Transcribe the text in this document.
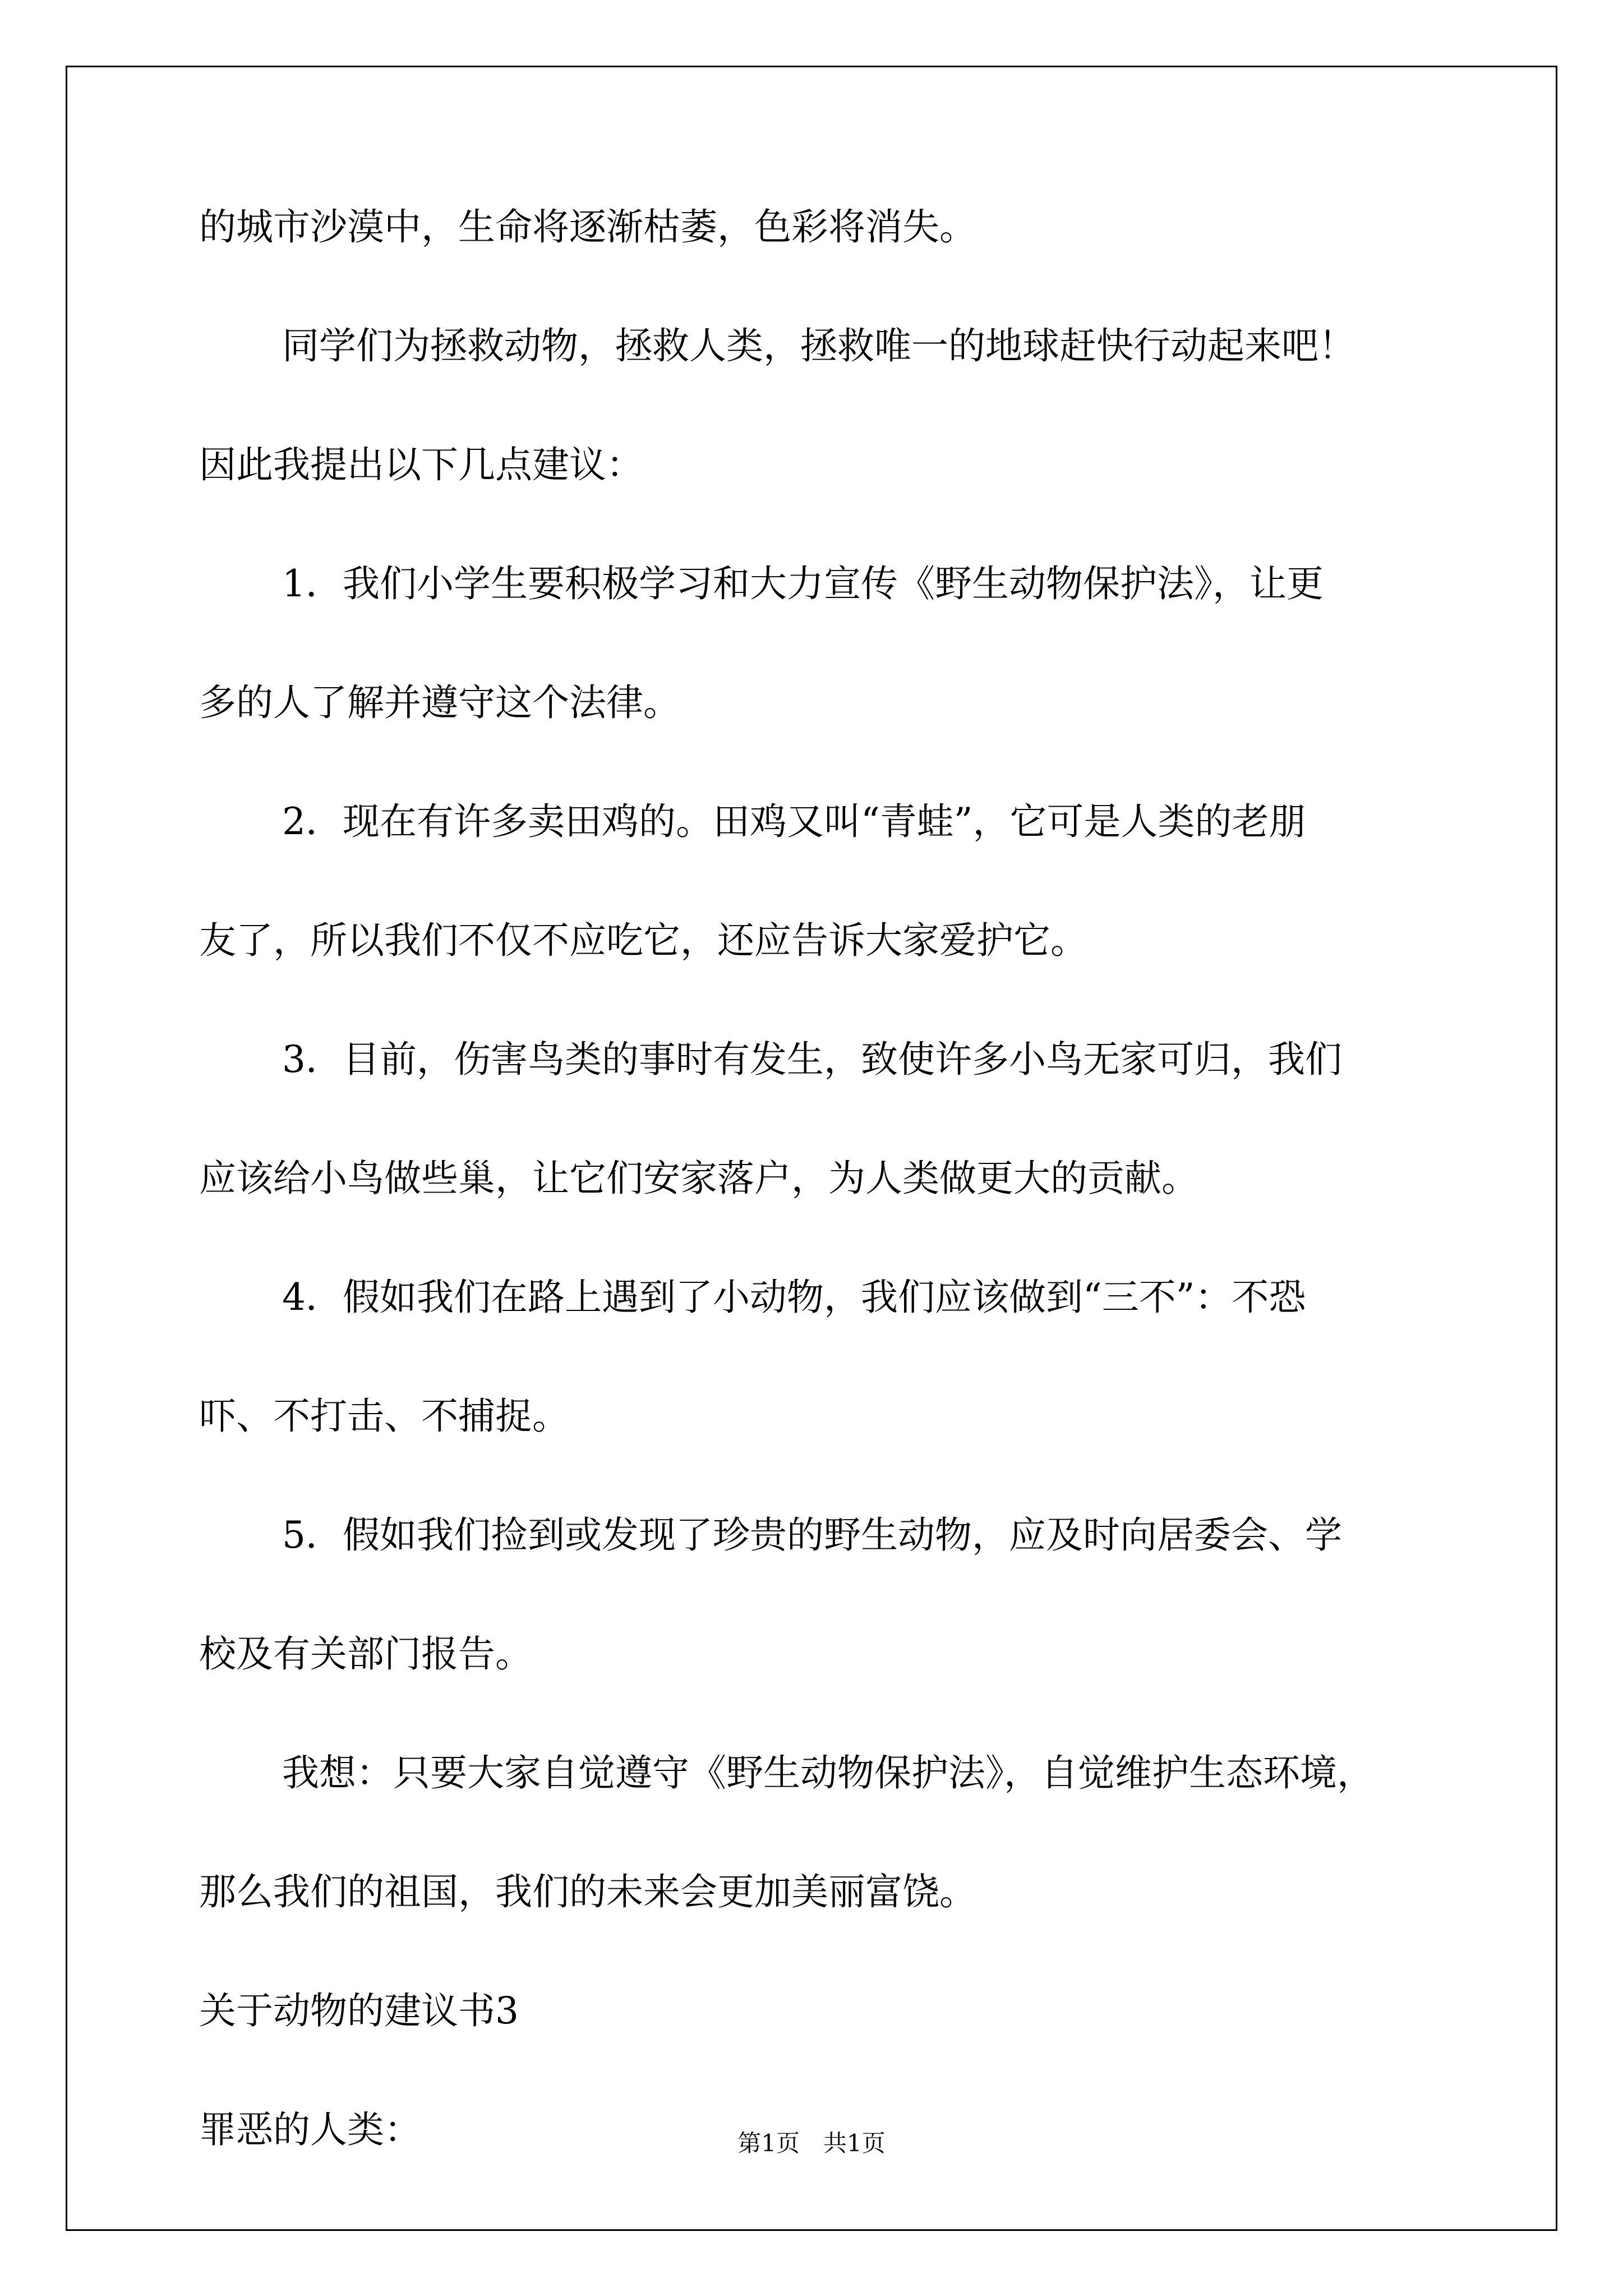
的城市沙漠中，生命将逐渐枯萎，色彩将消失。
同学们为拯救动物，拯救人类，拯救唯一的地球赶快行动起来吧！
因此我提出以下几点建议：
1．我们小学生要积极学习和大力宣传《野生动物保护法》，让更
多的人了解并遵守这个法律。
2．现在有许多卖田鸡的。田鸡又叫“青蛙”，它可是人类的老朋
友了，所以我们不仅不应吃它，还应告诉大家爱护它。
3．目前，伤害鸟类的事时有发生，致使许多小鸟无家可归，我们
应该给小鸟做些巢，让它们安家落户，为人类做更大的贡献。
4．假如我们在路上遇到了小动物，我们应该做到“三不”：不恐
吓、不打击、不捕捉。
5．假如我们捡到或发现了珍贵的野生动物，应及时向居委会、学
校及有关部门报告。
我想：只要大家自觉遵守《野生动物保护法》，自觉维护生态环境，
那么我们的祖国，我们的未来会更加美丽富饶。
关于动物的建议书3
罪恶的人类：	第1页　共1页
